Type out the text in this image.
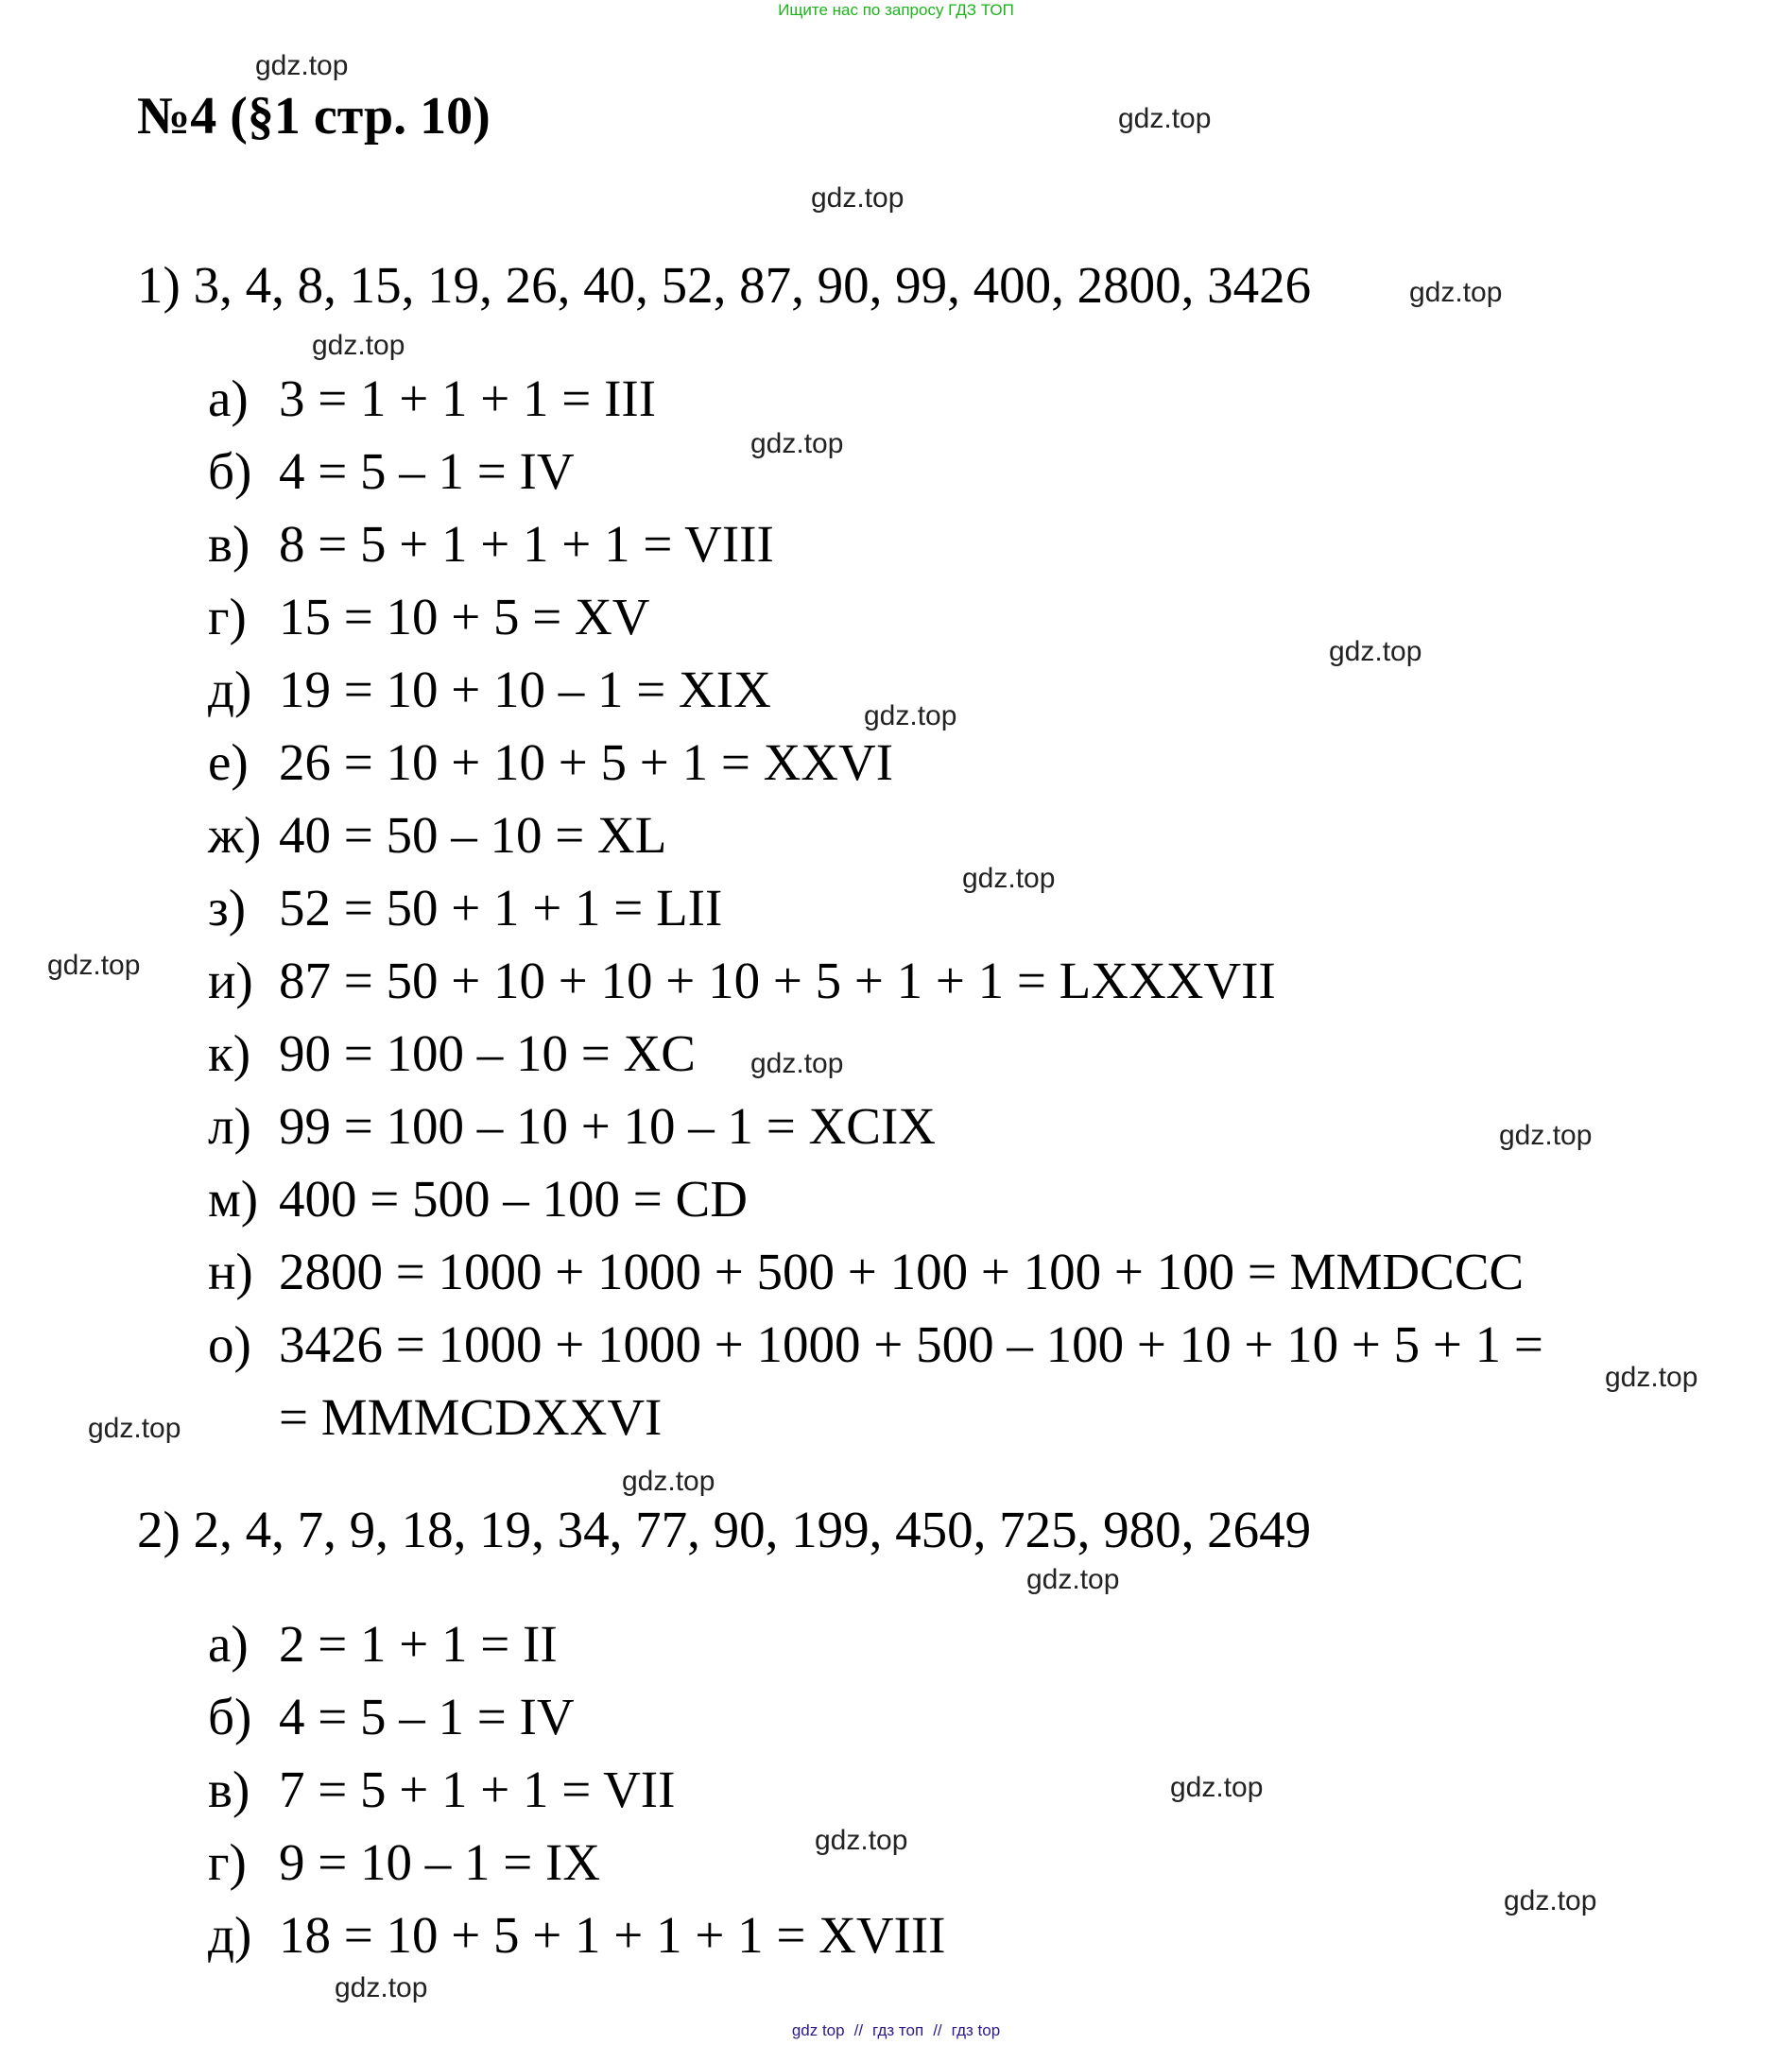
Ищите нас по запросу ГДЗ ТОП
№4 (§1 стр. 10)
1) 3, 4, 8, 15, 19, 26, 40, 52, 87, 90, 99, 400, 2800, 3426
а) 3 = 1 + 1 + 1 = III
б) 4 = 5 – 1 = IV
в) 8 = 5 + 1 + 1 + 1 = VIII
г) 15 = 10 + 5 = XV
д) 19 = 10 + 10 – 1 = XIX
е) 26 = 10 + 10 + 5 + 1 = XXVI
ж) 40 = 50 – 10 = XL
з) 52 = 50 + 1 + 1 = LII
и) 87 = 50 + 10 + 10 + 10 + 5 + 1 + 1 = LXXXVII
к) 90 = 100 – 10 = XC
л) 99 = 100 – 10 + 10 – 1 = XCIX
м) 400 = 500 – 100 = CD
н) 2800 = 1000 + 1000 + 500 + 100 + 100 + 100 = MMDCCC
о) 3426 = 1000 + 1000 + 1000 + 500 – 100 + 10 + 10 + 5 + 1 =
= MMMCDXXVI
2) 2, 4, 7, 9, 18, 19, 34, 77, 90, 199, 450, 725, 980, 2649
а) 2 = 1 + 1 = II
б) 4 = 5 – 1 = IV
в) 7 = 5 + 1 + 1 = VII
г) 9 = 10 – 1 = IX
д) 18 = 10 + 5 + 1 + 1 + 1 = XVIII
gdz.top
gdz.top
gdz.top
gdz.top
gdz.top
gdz.top
gdz.top
gdz.top
gdz.top
gdz.top
gdz.top
gdz.top
gdz.top
gdz.top
gdz.top
gdz.top
gdz.top
gdz.top
gdz.top
gdz.top
gdz top // гдз топ // гдз top
